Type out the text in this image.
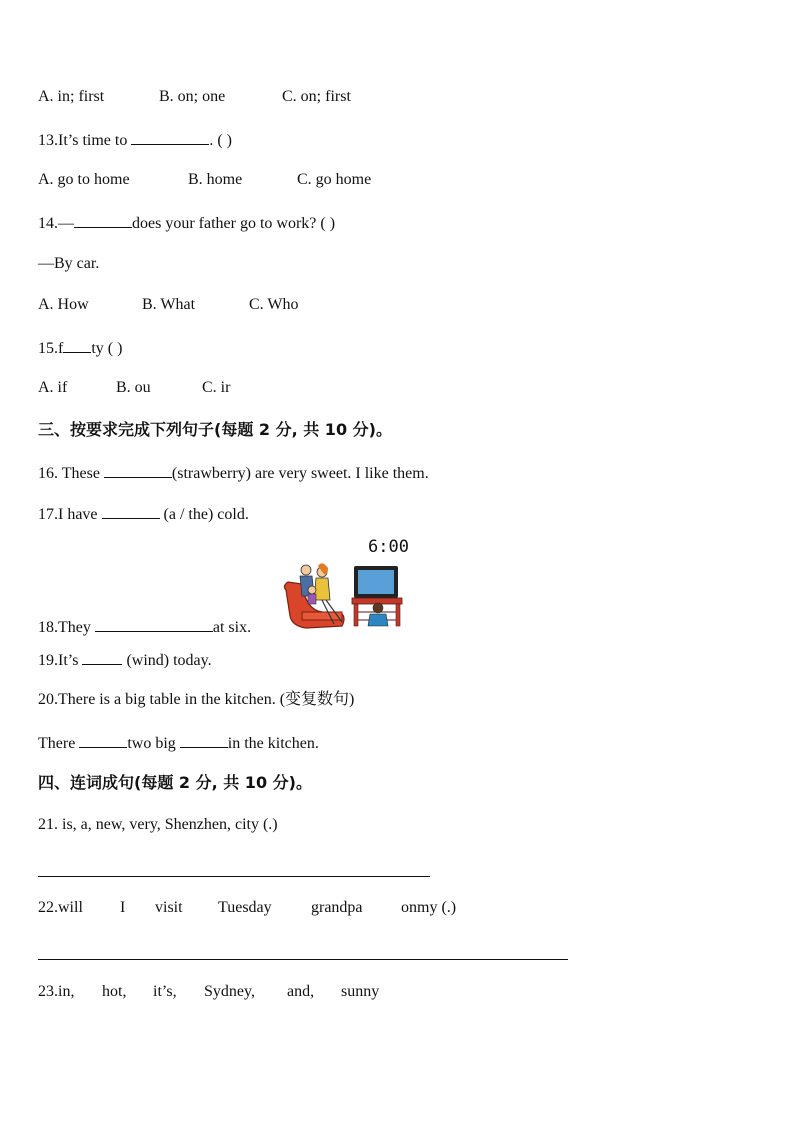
A. in; first	B. on; one	C. on; first
13.It’s time to	. ( )
A. go to home	B. home	C. go home
14.—	does your father go to work? ( )
—By car.
A. How	B. What	C. Who
15.f ty ( )
A. if	B. ou	C. ir
三、按要求完成下列句子(每题 2 分, 共 10 分)。
16. These	(strawberry) are very sweet. I like them.
17.I have	(a / the) cold.
6:00
18.They	at six.
19.It’s	(wind) today.
20.There is a big table in the kitchen. (变复数句)
There	two big	in the kitchen.
四、连词成句(每题 2 分, 共 10 分)。
21. is, a, new, very, Shenzhen, city (.)
22.will I visit Tuesday grandpa onmy (.)
23.in, hot, it’s, Sydney, and, sunny
